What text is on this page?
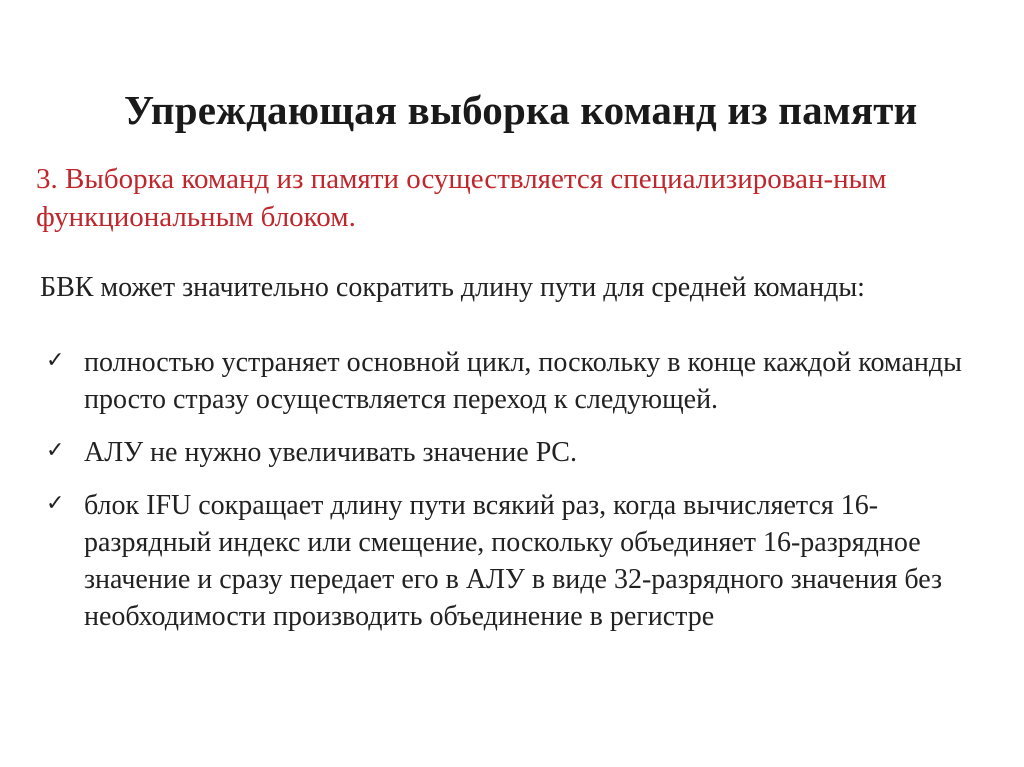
Упреждающая выборка команд из памяти
3. Выборка команд из памяти осуществляется специализирован-ным функциональным блоком.
БВК может значительно сократить длину пути для средней команды:
✓ полностью устраняет основной цикл, поскольку в конце каждой команды просто стразу осуществляется переход к следующей.
✓ АЛУ не нужно увеличивать значение PC.
✓ блок IFU сокращает длину пути всякий раз, когда вычисляется 16-разрядный индекс или смещение, поскольку объединяет 16-разрядное значение и сразу передает его в АЛУ в виде 32-разрядного значения без необходимости производить объединение в регистре
